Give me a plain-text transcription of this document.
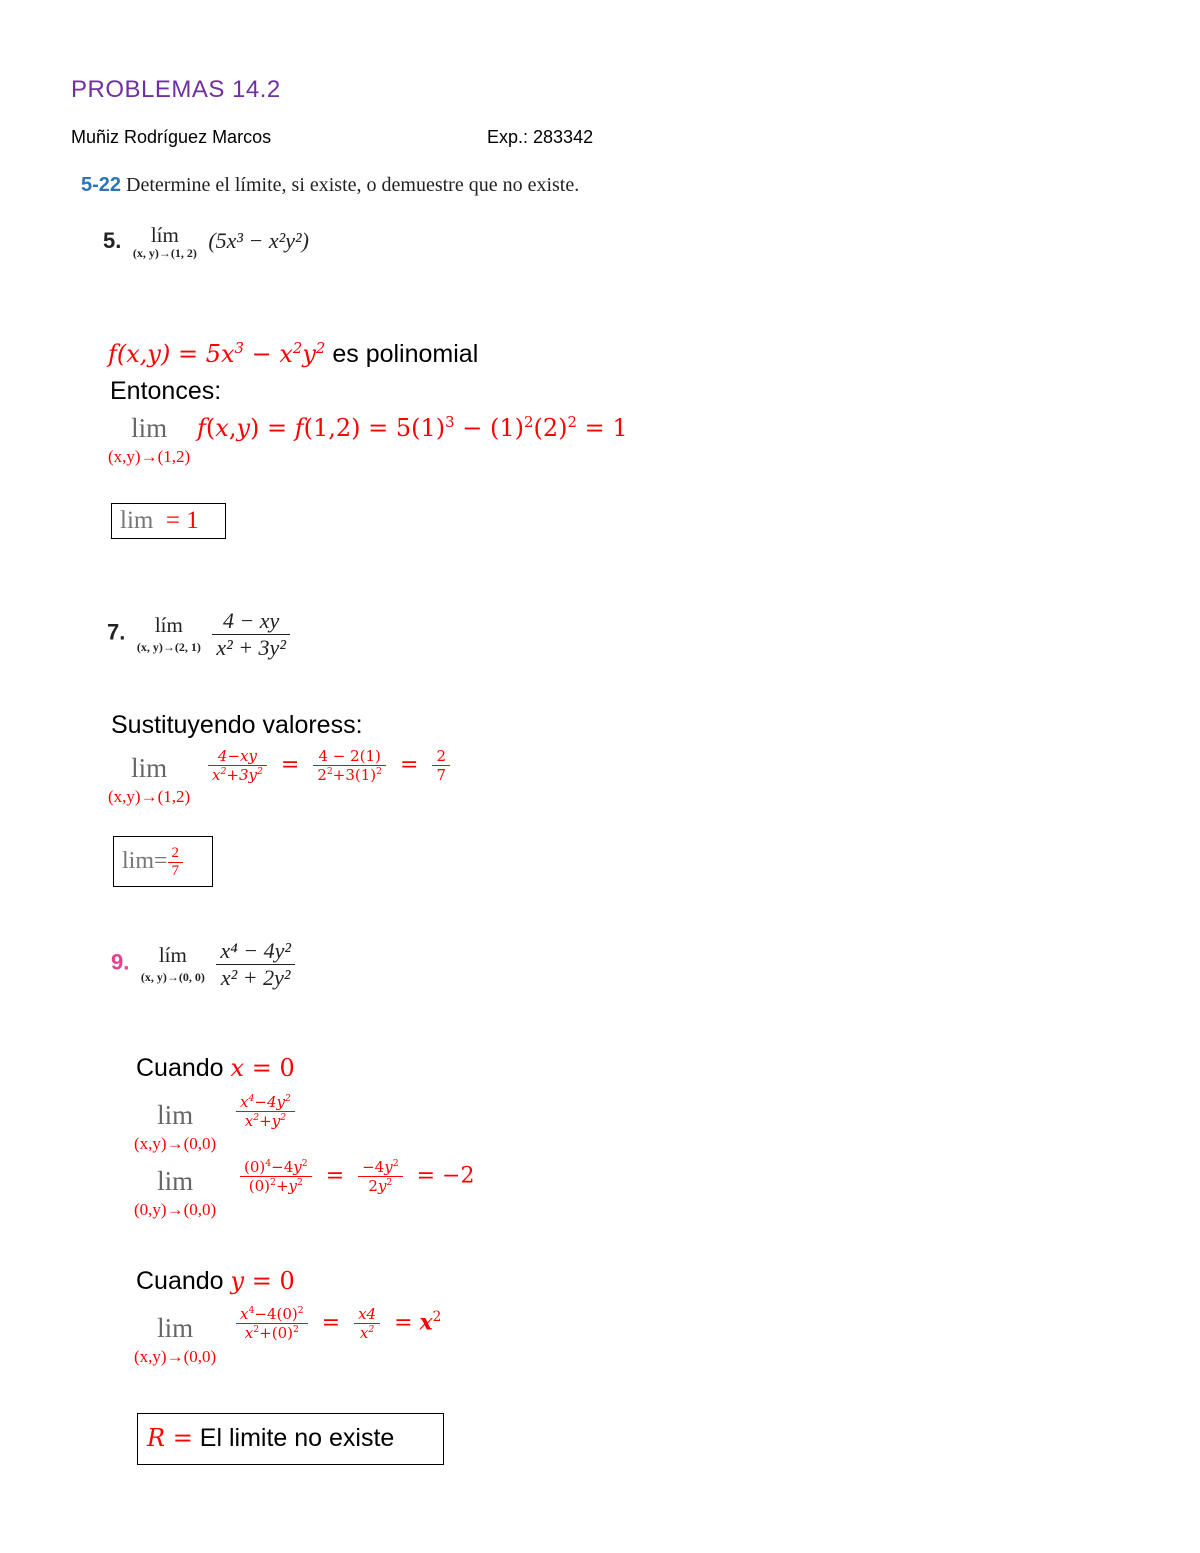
PROBLEMAS 14.2
Muñiz Rodríguez Marcos	Exp.: 283342
5-22 Determine el límite, si existe, o demuestre que no existe.
5.	lím
(x, y)→(1, 2) (5x³ − x²y²)
$f(x,y) = 5x^3 - x^2y^2$ es polinomial
Entonces:
lim
(x,y)→(1,2)
$f(x,y) = f(1,2) = 5(1)^3 - (1)^2(2)^2 = 1$
lim  = 1
7.	lím
(x, y)→(2, 1)
$\frac{4 - xy}{\text{x² + 3y²}}$
Sustituyendo valoress:
lim
(x,y)→(1,2)
$\frac{4-xy}{x^2+3y^2} = \frac{4 - 2(1)}{2^2+3(1)^2} = \frac{2}{7}$
$\lim= \frac{2}{7}$
9.	lím
(x, y)→(0, 0)
$\frac{\text{x⁴ − 4y²}}{\text{x² + 2y²}}$
Cuando x = 0
lim
(x,y)→(0,0)
$\frac{x^4-4y^2}{x^2+y^2}$
lim
(0,y)→(0,0)
$\frac{(0)^4-4y^2}{(0)^2+y^2} = \frac{-4y^2}{2y^2} = -2$
Cuando y = 0
lim
(x,y)→(0,0)
$\frac{x^4-4(0)^2}{x^2+(0)^2} = \frac{x4}{x^2} = x^2$
R = El limite no existe
